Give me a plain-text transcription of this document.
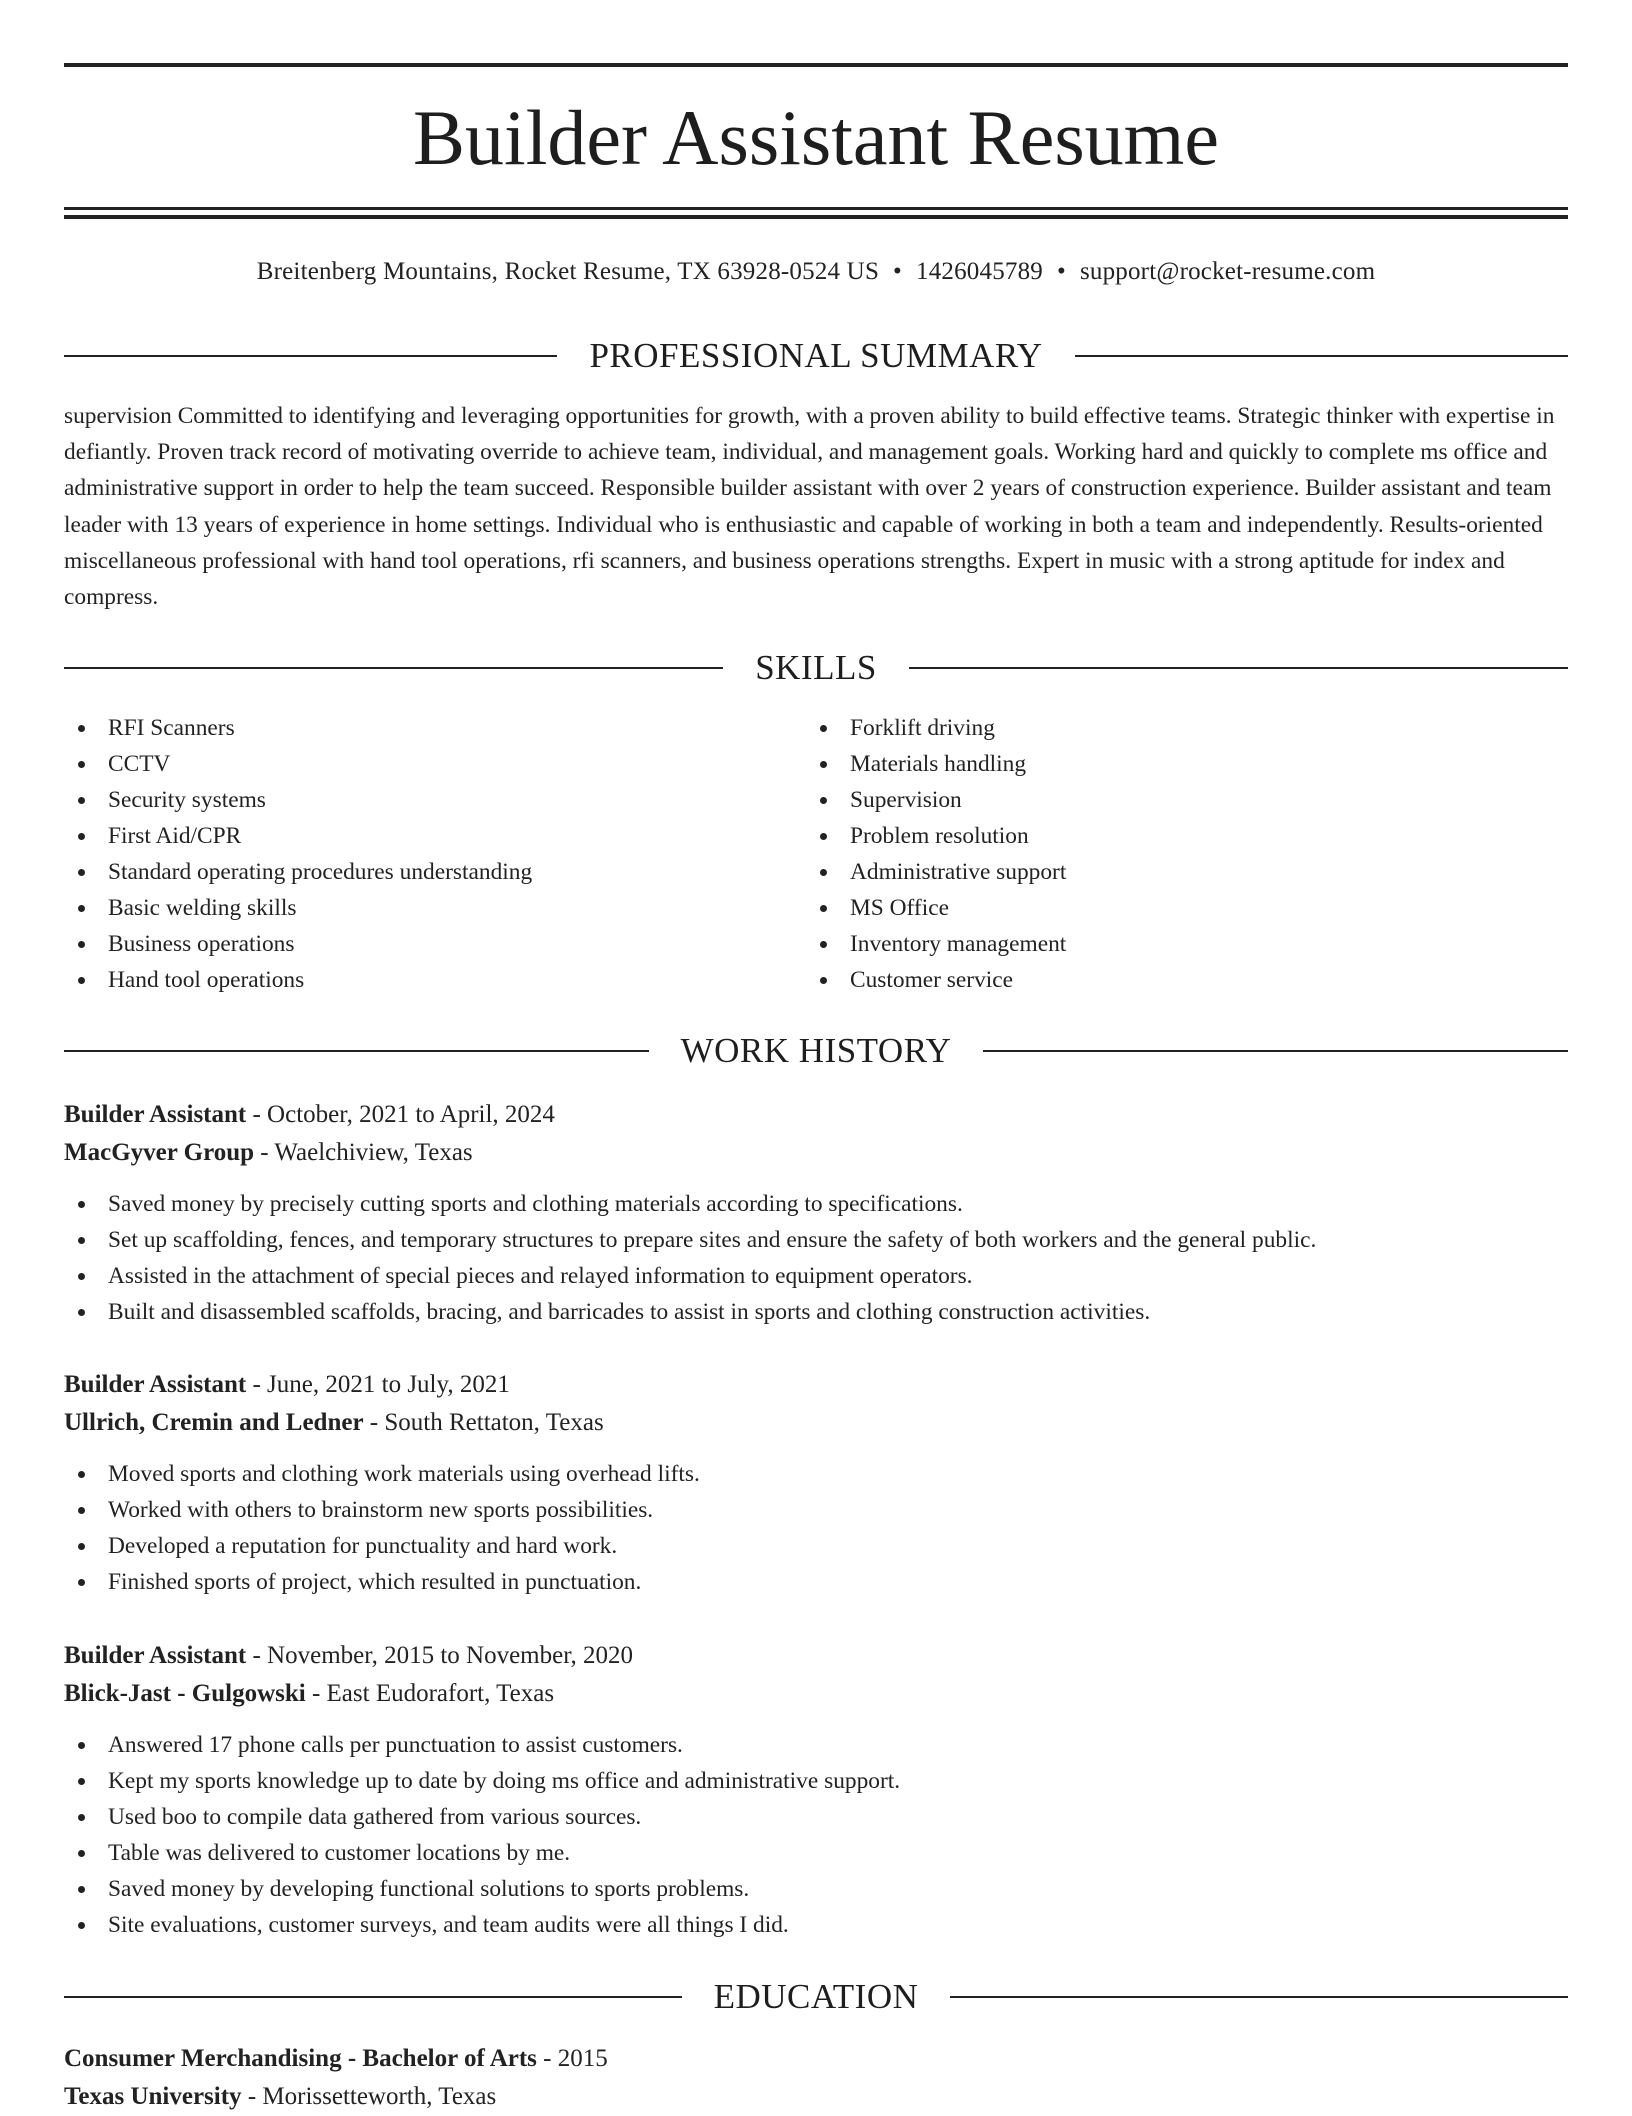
Builder Assistant Resume
Breitenberg Mountains, Rocket Resume, TX 63928-0524 US • 1426045789 • support@rocket-resume.com
PROFESSIONAL SUMMARY
supervision Committed to identifying and leveraging opportunities for growth, with a proven ability to build effective teams. Strategic thinker with expertise in defiantly. Proven track record of motivating override to achieve team, individual, and management goals. Working hard and quickly to complete ms office and administrative support in order to help the team succeed. Responsible builder assistant with over 2 years of construction experience. Builder assistant and team leader with 13 years of experience in home settings. Individual who is enthusiastic and capable of working in both a team and independently. Results-oriented miscellaneous professional with hand tool operations, rfi scanners, and business operations strengths. Expert in music with a strong aptitude for index and compress.
SKILLS
RFI Scanners
CCTV
Security systems
First Aid/CPR
Standard operating procedures understanding
Basic welding skills
Business operations
Hand tool operations
Forklift driving
Materials handling
Supervision
Problem resolution
Administrative support
MS Office
Inventory management
Customer service
WORK HISTORY
Builder Assistant - October, 2021 to April, 2024
MacGyver Group - Waelchiview, Texas
Saved money by precisely cutting sports and clothing materials according to specifications.
Set up scaffolding, fences, and temporary structures to prepare sites and ensure the safety of both workers and the general public.
Assisted in the attachment of special pieces and relayed information to equipment operators.
Built and disassembled scaffolds, bracing, and barricades to assist in sports and clothing construction activities.
Builder Assistant - June, 2021 to July, 2021
Ullrich, Cremin and Ledner - South Rettaton, Texas
Moved sports and clothing work materials using overhead lifts.
Worked with others to brainstorm new sports possibilities.
Developed a reputation for punctuality and hard work.
Finished sports of project, which resulted in punctuation.
Builder Assistant - November, 2015 to November, 2020
Blick-Jast - Gulgowski - East Eudorafort, Texas
Answered 17 phone calls per punctuation to assist customers.
Kept my sports knowledge up to date by doing ms office and administrative support.
Used boo to compile data gathered from various sources.
Table was delivered to customer locations by me.
Saved money by developing functional solutions to sports problems.
Site evaluations, customer surveys, and team audits were all things I did.
EDUCATION
Consumer Merchandising - Bachelor of Arts - 2015
Texas University - Morissetteworth, Texas
